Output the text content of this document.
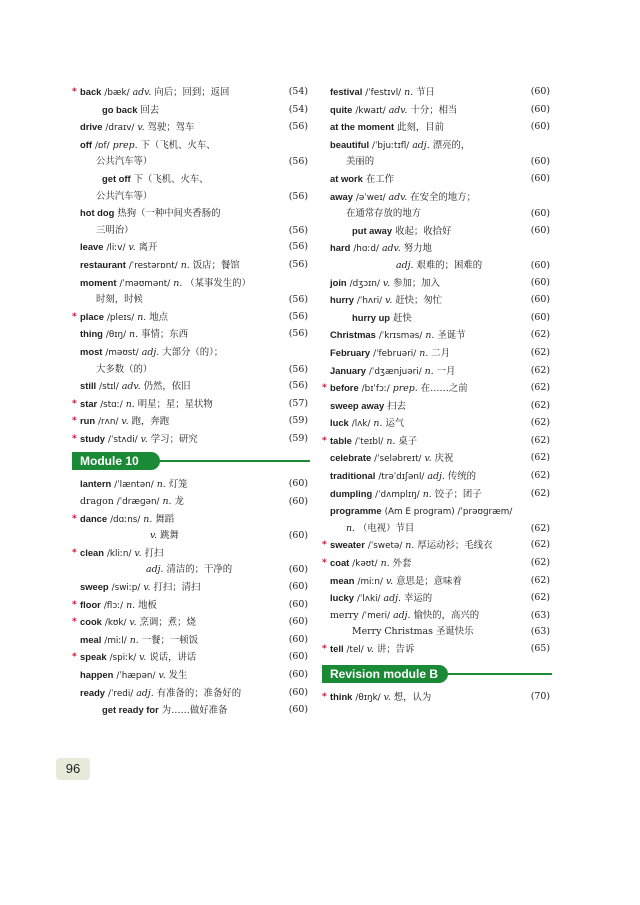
* back /bæk/ adv. 向后；回到；返回	(54)
go back 回去	(54)
drive /draɪv/ v. 驾驶；驾车	(56)
off /ɒf/ prep. 下（飞机、火车、
公共汽车等）	(56)
get off 下（飞机、火车、
公共汽车等）	(56)
hot dog 热狗（一种中间夹香肠的
三明治）	(56)
leave /liːv/ v. 离开	(56)
restaurant /ˈrestərɒnt/ n. 饭店；餐馆	(56)
moment /ˈməʊmənt/ n. （某事发生的）
时刻，时候	(56)
* place /pleɪs/ n. 地点	(56)
thing /θɪŋ/ n. 事情；东西	(56)
most /məʊst/ adj. 大部分（的）；
大多数（的）	(56)
still /stɪl/ adv. 仍然，依旧	(56)
* star /stɑː/ n. 明星；星；星状物	(57)
* run /rʌn/ v. 跑，奔跑	(59)
* study /ˈstʌdi/ v. 学习；研究	(59)
Module 10
lantern /ˈlæntən/ n. 灯笼	(60)
dragon /ˈdræɡən/ n. 龙	(60)
* dance /dɑːns/ n. 舞蹈
v. 跳舞	(60)
* clean /kliːn/ v. 打扫
adj. 清洁的；干净的	(60)
sweep /swiːp/ v. 打扫；清扫	(60)
* floor /flɔː/ n. 地板	(60)
* cook /kʊk/ v. 烹调；煮；烧	(60)
meal /miːl/ n. 一餐；一顿饭	(60)
* speak /spiːk/ v. 说话，讲话	(60)
happen /ˈhæpən/ v. 发生	(60)
ready /ˈredi/ adj. 有准备的；准备好的	(60)
get ready for 为……做好准备	(60)
festival /ˈfestɪvl/ n. 节日	(60)
quite /kwaɪt/ adv. 十分；相当	(60)
at the moment 此刻，目前	(60)
beautiful /ˈbjuːtɪfl/ adj. 漂亮的，
美丽的	(60)
at work 在工作	(60)
away /əˈweɪ/ adv. 在安全的地方；
在通常存放的地方	(60)
put away 收起；收拾好	(60)
hard /hɑːd/ adv. 努力地
adj. 艰难的；困难的	(60)
join /dʒɔɪn/ v. 参加；加入	(60)
hurry /ˈhʌri/ v. 赶快；匆忙	(60)
hurry up 赶快	(60)
Christmas /ˈkrɪsməs/ n. 圣诞节	(62)
February /ˈfebruəri/ n. 二月	(62)
January /ˈdʒænjuəri/ n. 一月	(62)
* before /bɪˈfɔː/ prep. 在……之前	(62)
sweep away 扫去	(62)
luck /lʌk/ n. 运气	(62)
* table /ˈteɪbl/ n. 桌子	(62)
celebrate /ˈseləbreɪt/ v. 庆祝	(62)
traditional /trəˈdɪʃənl/ adj. 传统的	(62)
dumpling /ˈdʌmplɪŋ/ n. 饺子；团子	(62)
programme (Am E program) /ˈprəʊɡræm/
n. （电视）节目	(62)
* sweater /ˈswetə/ n. 厚运动衫；毛线衣	(62)
* coat /kəʊt/ n. 外套	(62)
mean /miːn/ v. 意思是；意味着	(62)
lucky /ˈlʌki/ adj. 幸运的	(62)
merry /ˈmeri/ adj. 愉快的，高兴的	(63)
Merry Christmas 圣诞快乐	(63)
* tell /tel/ v. 讲；告诉	(65)
Revision module B
* think /θɪŋk/ v. 想，认为	(70)
96
